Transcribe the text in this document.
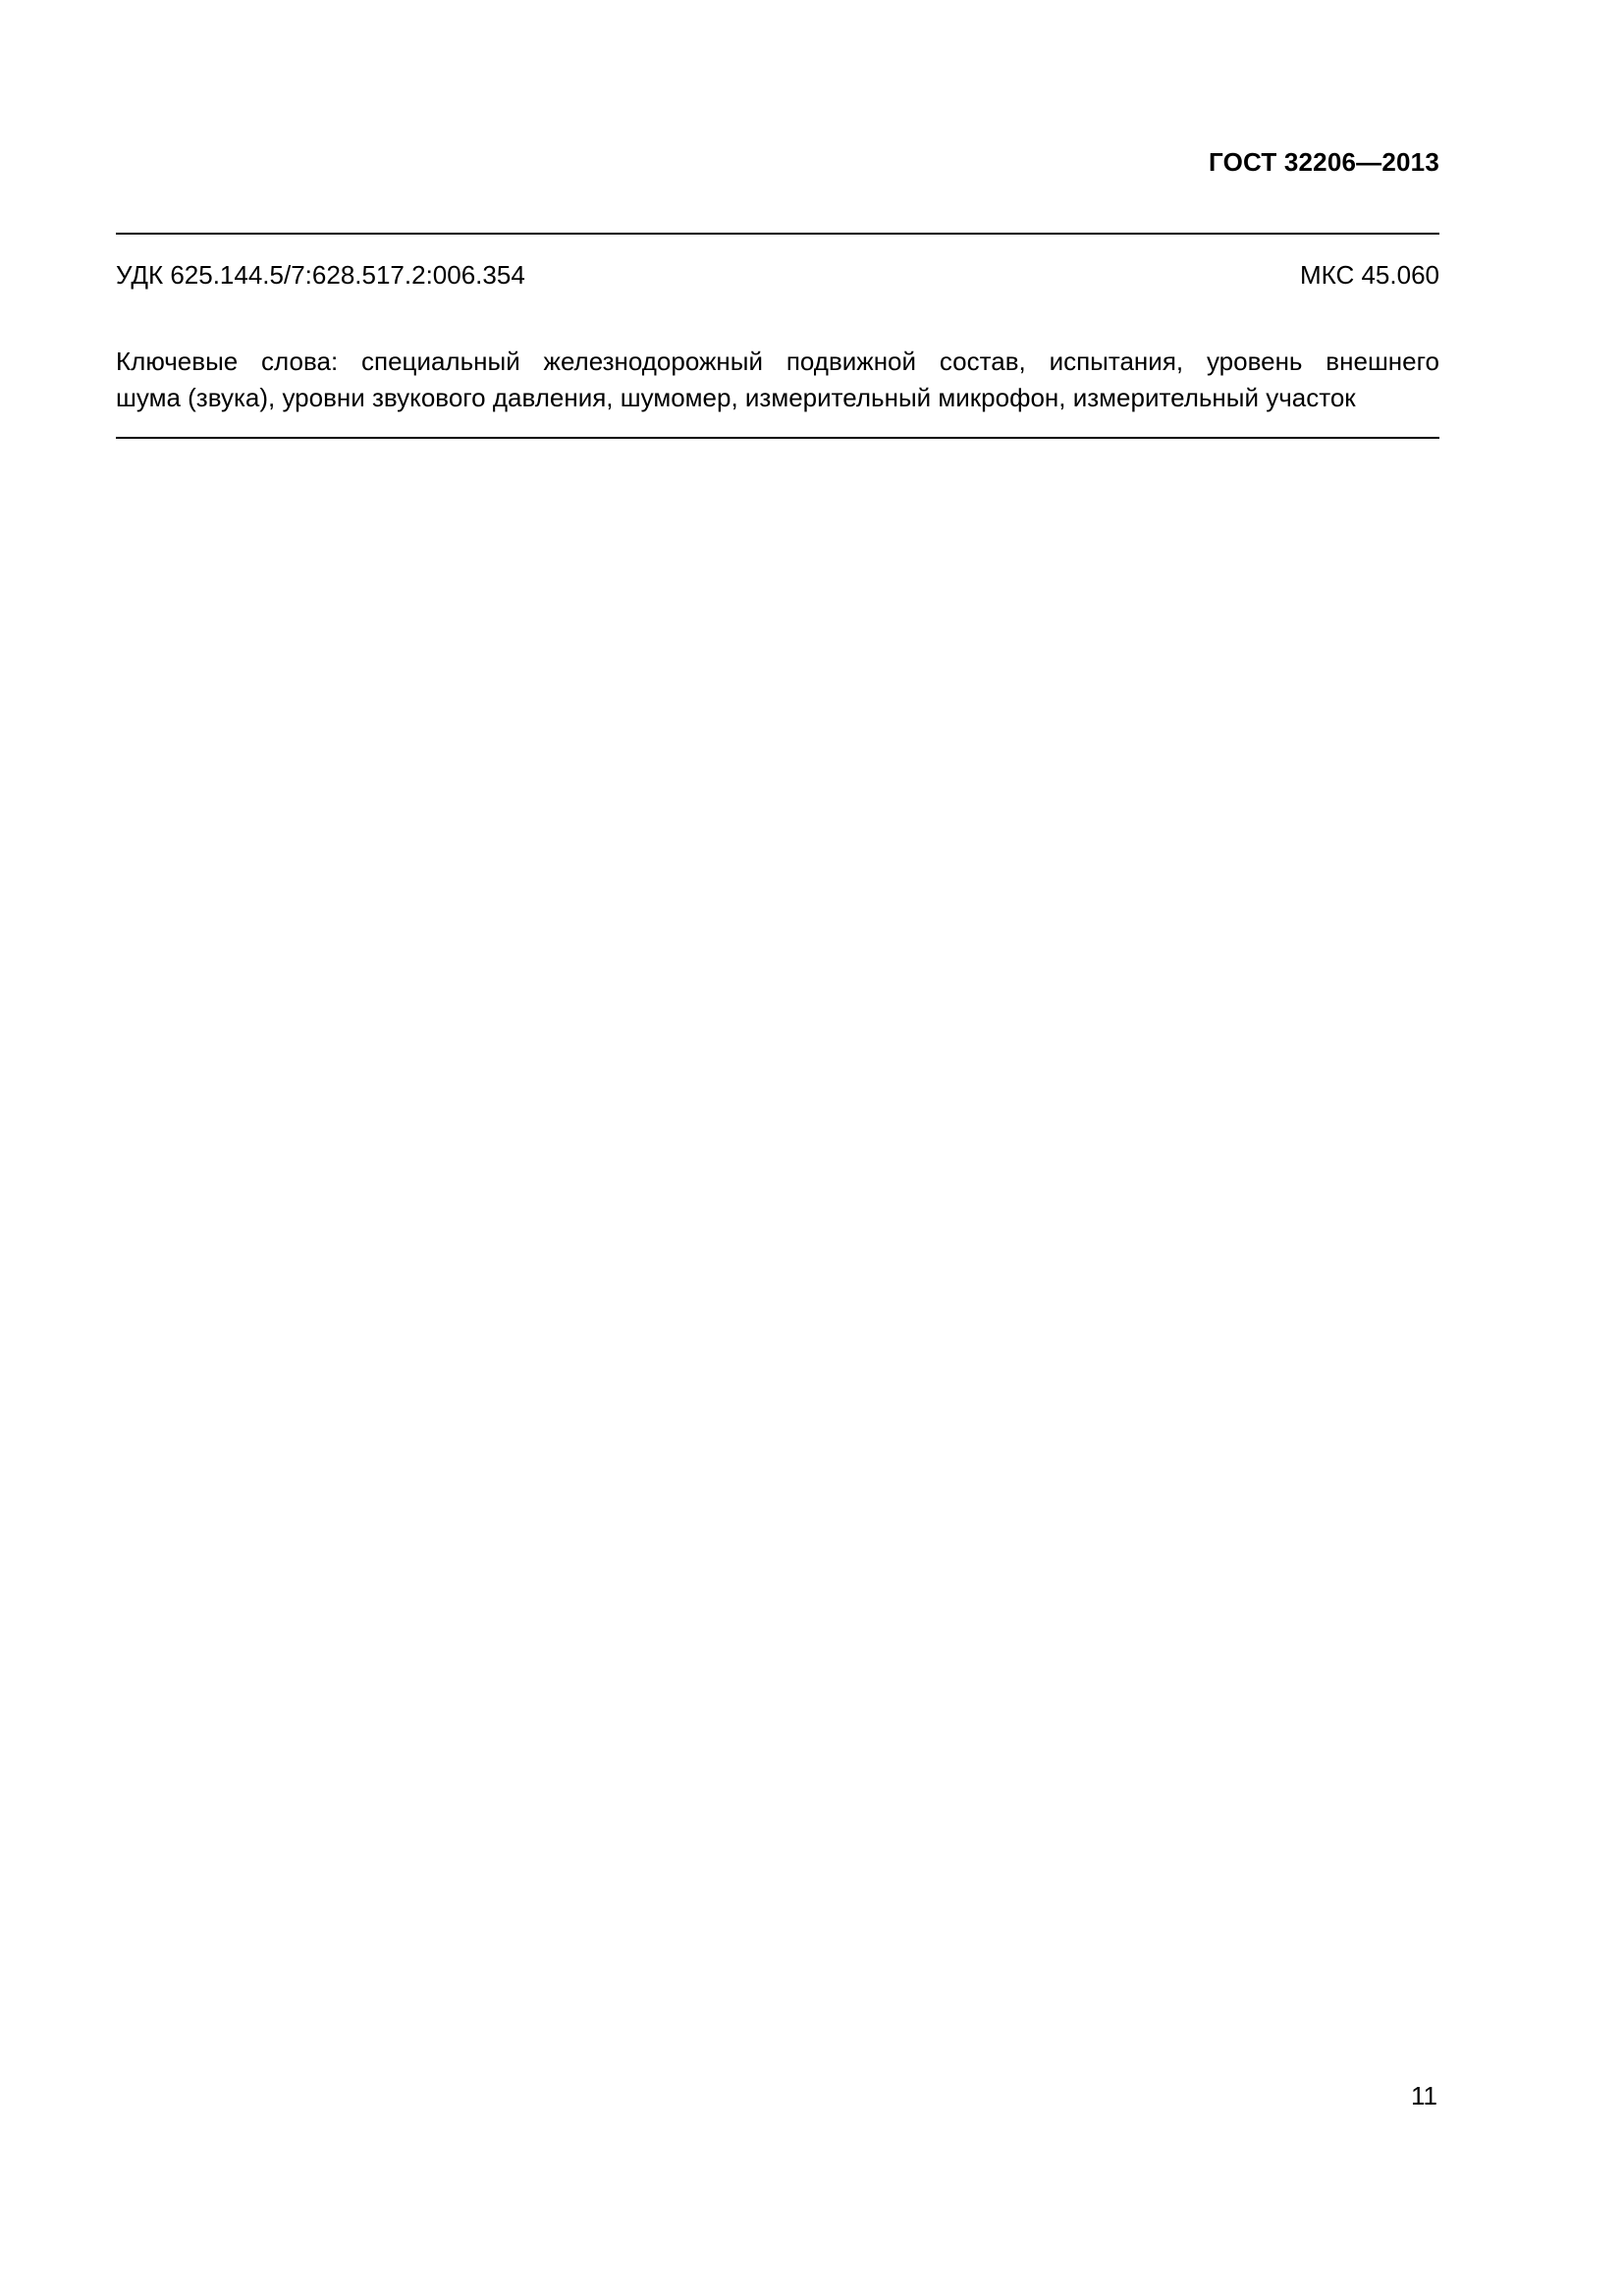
ГОСТ 32206—2013
УДК 625.144.5/7:628.517.2:006.354	МКС 45.060
Ключевые слова: специальный железнодорожный подвижной состав, испытания, уровень внешнего
шума (звука), уровни звукового давления, шумомер, измерительный микрофон, измерительный участок
11
